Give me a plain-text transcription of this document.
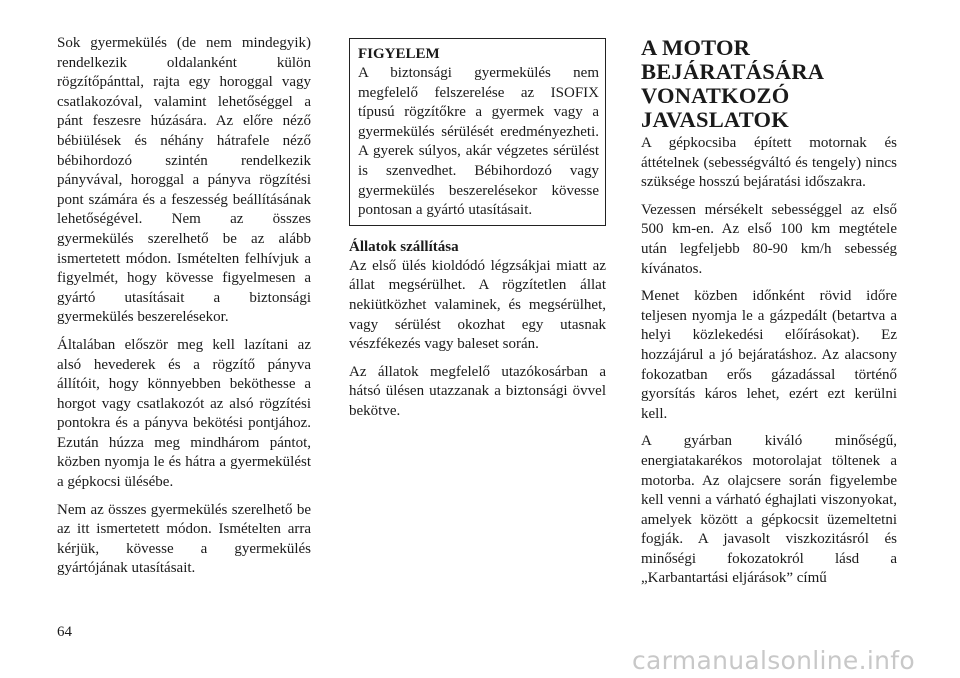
Sok gyermekülés (de nem mindegyik) rendelkezik oldalanként külön rögzítőpánttal, rajta egy horoggal vagy csatlakozóval, valamint lehetőséggel a pánt feszesre húzására. Az előre néző bébiülések és néhány hátrafele néző bébihordozó szintén rendelkezik pányvával, horoggal a pányva rögzítési pont számára és a feszesség beállításának lehetőségével. Nem az összes gyermekülés szerelhető be az alább ismertetett módon. Ismételten felhívjuk a figyelmét, hogy kövesse figyelmesen a gyártó utasításait a biztonsági gyermekülés beszerelésekor.

Általában először meg kell lazítani az alsó hevederek és a rögzítő pányva állítóit, hogy könnyebben beköthesse a horgot vagy csatlakozót az alsó rögzítési pontokra és a pányva bekötési pontjához. Ezután húzza meg mindhárom pántot, közben nyomja le és hátra a gyermekülést a gépkocsi ülésébe.

Nem az összes gyermekülés szerelhető be az itt ismertetett módon. Ismételten arra kérjük, kövesse a gyermekülés gyártójának utasításait.

FIGYELEM

A biztonsági gyermekülés nem megfelelő felszerelése az ISOFIX típusú rögzítőkre a gyermek vagy a gyermekülés sérülését eredményezheti. A gyerek súlyos, akár végzetes sérülést is szenvedhet. Bébihordozó vagy gyermekülés beszerelésekor kövesse pontosan a gyártó utasításait.

Állatok szállítása

Az első ülés kioldódó légzsákjai miatt az állat megsérülhet. A rögzítetlen állat nekiütközhet valaminek, és megsérülhet, vagy sérülést okozhat egy utasnak vészfékezés vagy baleset során.

Az állatok megfelelő utazókosárban a hátsó ülésen utazzanak a biztonsági övvel bekötve.

A MOTOR BEJÁRATÁSÁRA VONATKOZÓ JAVASLATOK

A gépkocsiba épített motornak és áttételnek (sebességváltó és tengely) nincs szüksége hosszú bejáratási időszakra.

Vezessen mérsékelt sebességgel az első 500 km-en. Az első 100 km megtétele után legfeljebb 80-90 km/h sebesség kívánatos.

Menet közben időnként rövid időre teljesen nyomja le a gázpedált (betartva a helyi közlekedési előírásokat). Ez hozzájárul a jó bejáratáshoz. Az alacsony fokozatban erős gázadással történő gyorsítás káros lehet, ezért ezt kerülni kell.

A gyárban kiváló minőségű, energiatakarékos motorolajat töltenek a motorba. Az olajcsere során figyelembe kell venni a várható éghajlati viszonyokat, amelyek között a gépkocsit üzemeltetni fogják. A javasolt viszkozitásról és minőségi fokozatokról lásd a „Karbantartási eljárások” című

64
carmanualsonline.info
